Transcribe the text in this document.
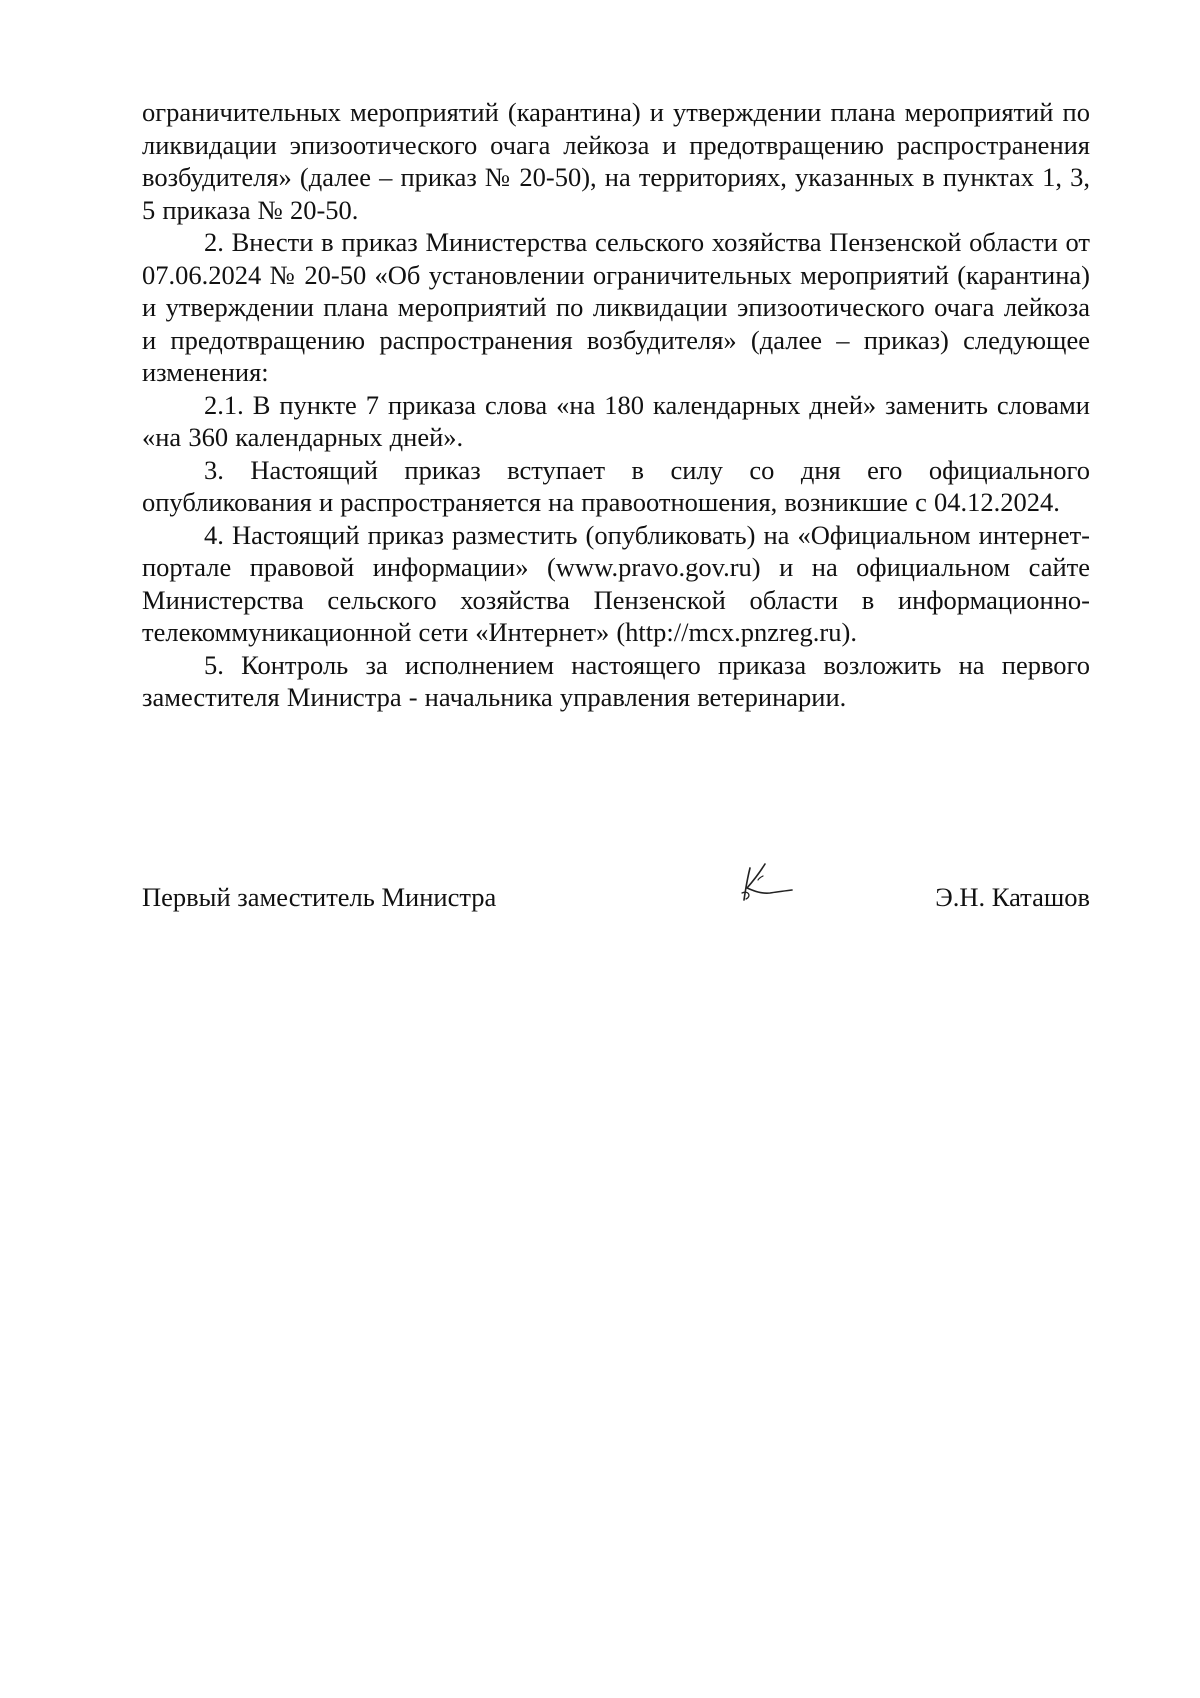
ограничительных мероприятий (карантина) и утверждении плана мероприятий по ликвидации эпизоотического очага лейкоза и предотвращению распространения возбудителя» (далее – приказ № 20-50), на территориях, указанных в пунктах 1, 3, 5 приказа № 20-50.

2. Внести в приказ Министерства сельского хозяйства Пензенской области от 07.06.2024 № 20-50 «Об установлении ограничительных мероприятий (карантина) и утверждении плана мероприятий по ликвидации эпизоотического очага лейкоза и предотвращению распространения возбудителя» (далее – приказ) следующее изменения:

2.1. В пункте 7 приказа слова «на 180 календарных дней» заменить словами «на 360 календарных дней».

3. Настоящий приказ вступает в силу со дня его официального опубликования и распространяется на правоотношения, возникшие с 04.12.2024.

4. Настоящий приказ разместить (опубликовать) на «Официальном интернет-портале правовой информации» (www.pravo.gov.ru) и на официальном сайте Министерства сельского хозяйства Пензенской области в информационно-телекоммуникационной сети «Интернет» (http://mcx.pnzreg.ru).

5. Контроль за исполнением настоящего приказа возложить на первого заместителя Министра - начальника управления ветеринарии.

Первый заместитель Министра	Э.Н. Каташов
